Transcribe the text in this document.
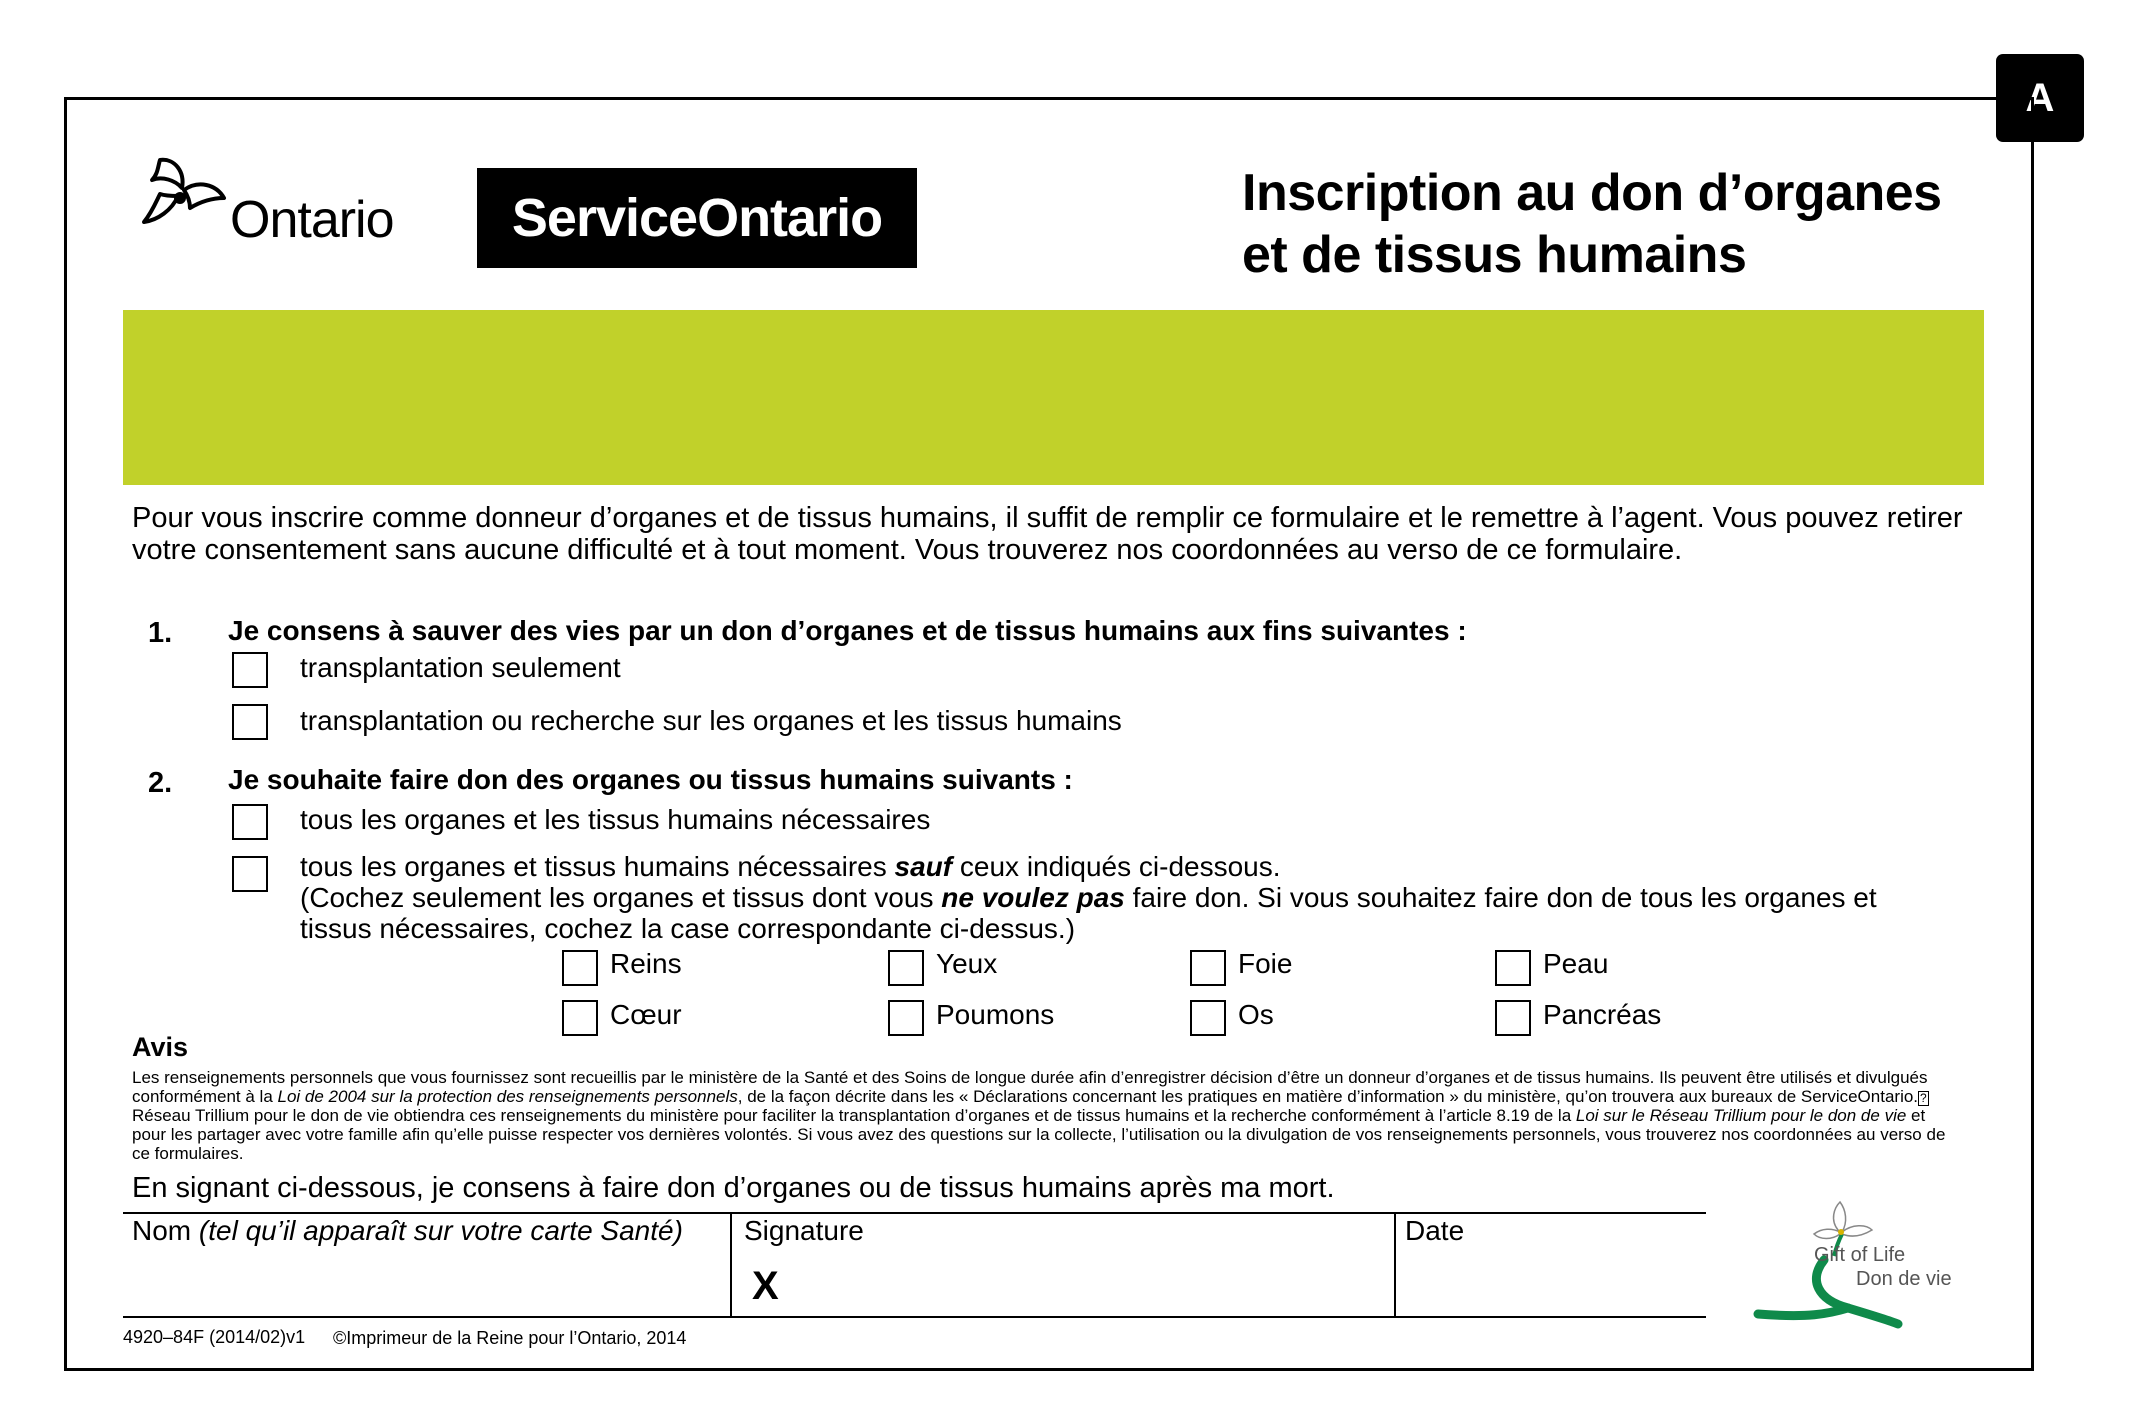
A
Ontario	ServiceOntario	Inscription au don d’organes
et de tissus humains
Pour vous inscrire comme donneur d’organes et de tissus humains, il suffit de remplir ce formulaire et le remettre à l’agent. Vous pouvez retirer votre consentement sans aucune difficulté et à tout moment. Vous trouverez nos coordonnées au verso de ce formulaire.
1. Je consens à sauver des vies par un don d’organes et de tissus humains aux fins suivantes :
transplantation seulement
transplantation ou recherche sur les organes et les tissus humains
2. Je souhaite faire don des organes ou tissus humains suivants :
tous les organes et les tissus humains nécessaires
tous les organes et tissus humains nécessaires sauf ceux indiqués ci-dessous.
(Cochez seulement les organes et tissus dont vous ne voulez pas faire don. Si vous souhaitez faire don de tous les organes et tissus nécessaires, cochez la case correspondante ci-dessus.)
Reins	Yeux	Foie	Peau
Cœur	Poumons	Os	Pancréas
Avis
Les renseignements personnels que vous fournissez sont recueillis par le ministère de la Santé et des Soins de longue durée afin d’enregistrer décision d’être un donneur d’organes et de tissus humains. Ils peuvent être utilisés et divulgués conformément à la Loi de 2004 sur la protection des renseignements personnels, de la façon décrite dans les « Déclarations concernant les pratiques en matière d’information » du ministère, qu’on trouvera aux bureaux de ServiceOntario. ? Réseau Trillium pour le don de vie obtiendra ces renseignements du ministère pour faciliter la transplantation d’organes et de tissus humains et la recherche conformément à l’article 8.19 de la Loi sur le Réseau Trillium pour le don de vie et pour les partager avec votre famille afin qu’elle puisse respecter vos dernières volontés. Si vous avez des questions sur la collecte, l’utilisation ou la divulgation de vos renseignements personnels, vous trouverez nos coordonnées au verso de ce formulaires.
En signant ci-dessous, je consens à faire don d’organes ou de tissus humains après ma mort.
Nom (tel qu’il apparaît sur votre carte Santé) Signature
X
Date
Gift of Life
Don de vie
4920–84F (2014/02)v1 ©Imprimeur de la Reine pour l’Ontario, 2014
